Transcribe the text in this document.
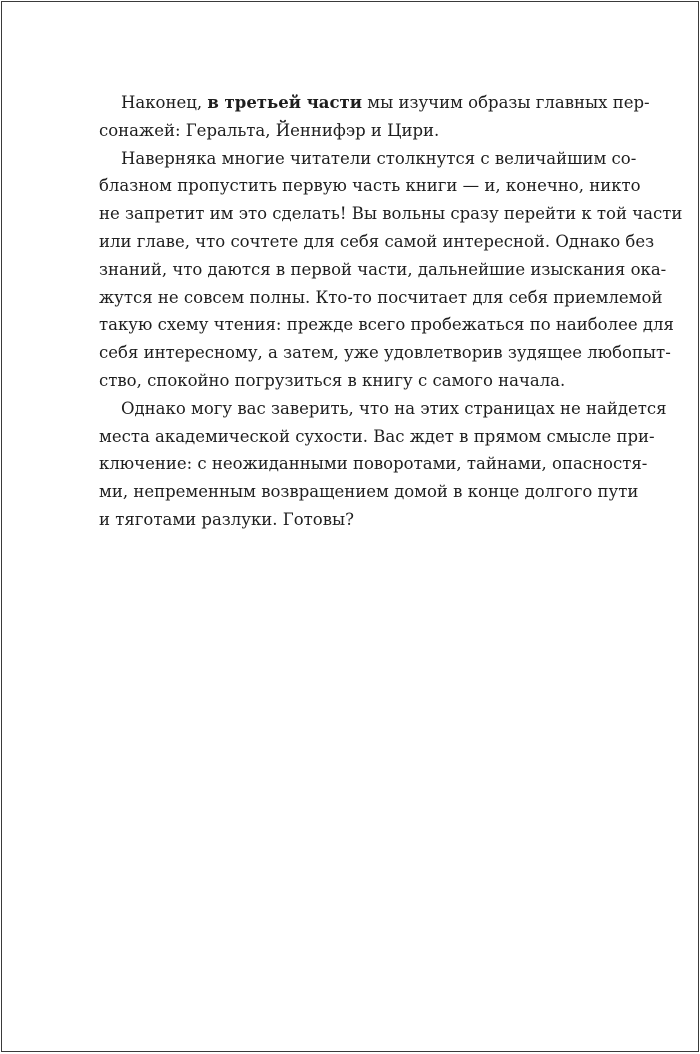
Наконец, в третьей части мы изучим образы главных пер-
сонажей: Геральта, Йеннифэр и Цири.
Наверняка многие читатели столкнутся с величайшим со-
блазном пропустить первую часть книги — и, конечно, никто
не запретит им это сделать! Вы вольны сразу перейти к той части
или главе, что сочтете для себя самой интересной. Однако без
знаний, что даются в первой части, дальнейшие изыскания ока-
жутся не совсем полны. Кто-то посчитает для себя приемлемой
такую схему чтения: прежде всего пробежаться по наиболее для
себя интересному, а затем, уже удовлетворив зудящее любопыт-
ство, спокойно погрузиться в книгу с самого начала.
Однако могу вас заверить, что на этих страницах не найдется
места академической сухости. Вас ждет в прямом смысле при-
ключение: с неожиданными поворотами, тайнами, опасностя-
ми, непременным возвращением домой в конце долгого пути
и тяготами разлуки. Готовы?
